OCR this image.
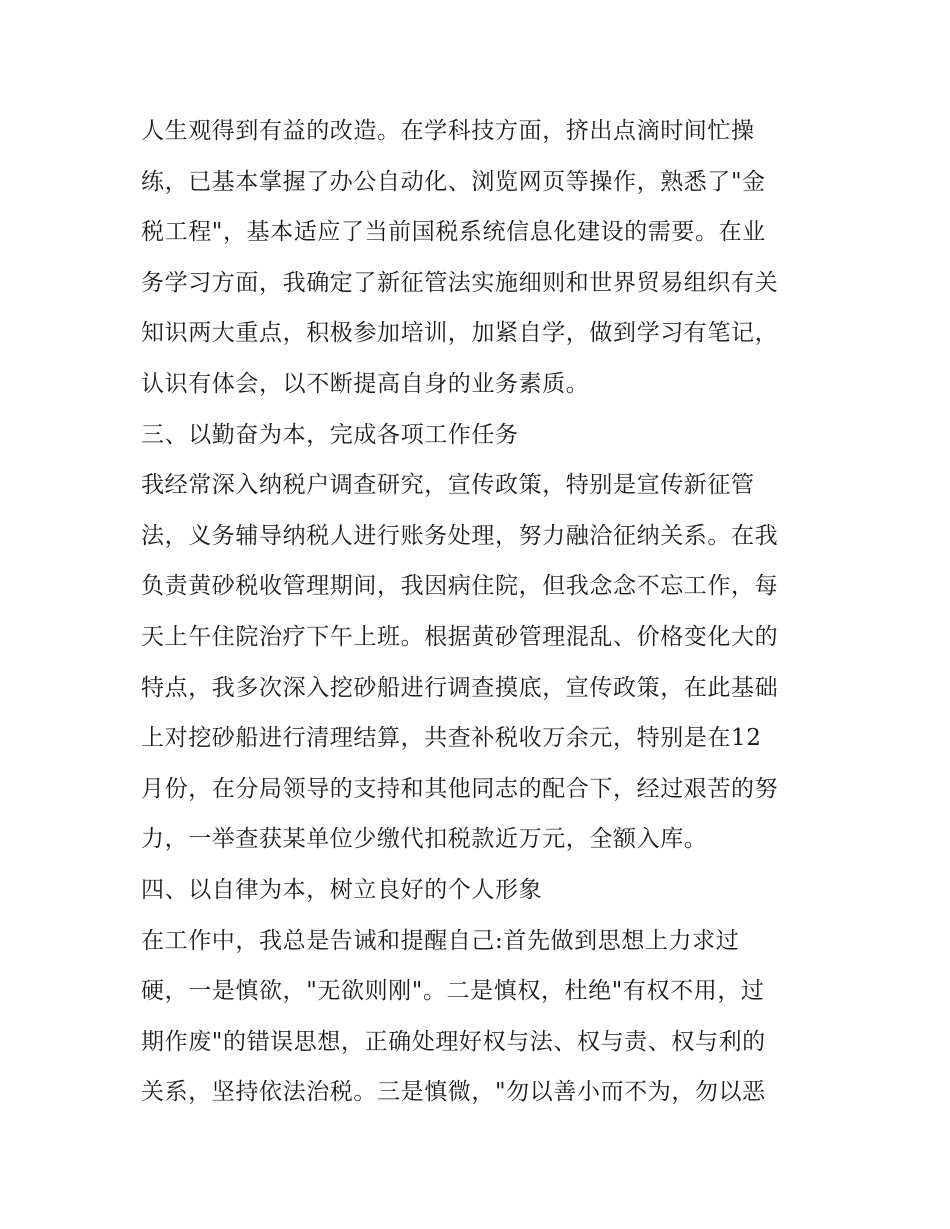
人生观得到有益的改造。在学科技方面，挤出点滴时间忙操
练，已基本掌握了办公自动化、浏览网页等操作，熟悉了"金
税工程"，基本适应了当前国税系统信息化建设的需要。在业
务学习方面，我确定了新征管法实施细则和世界贸易组织有关
知识两大重点，积极参加培训，加紧自学，做到学习有笔记，
认识有体会，以不断提高自身的业务素质。
三、以勤奋为本，完成各项工作任务
我经常深入纳税户调查研究，宣传政策，特别是宣传新征管
法，义务辅导纳税人进行账务处理，努力融洽征纳关系。在我
负责黄砂税收管理期间，我因病住院，但我念念不忘工作，每
天上午住院治疗下午上班。根据黄砂管理混乱、价格变化大的
特点，我多次深入挖砂船进行调查摸底，宣传政策，在此基础
上对挖砂船进行清理结算，共查补税收万余元，特别是在12
月份，在分局领导的支持和其他同志的配合下，经过艰苦的努
力，一举查获某单位少缴代扣税款近万元，全额入库。
四、以自律为本，树立良好的个人形象
在工作中，我总是告诫和提醒自己:首先做到思想上力求过
硬，一是慎欲，"无欲则刚"。二是慎权，杜绝"有权不用，过
期作废"的错误思想，正确处理好权与法、权与责、权与利的
关系，坚持依法治税。三是慎微，"勿以善小而不为，勿以恶
